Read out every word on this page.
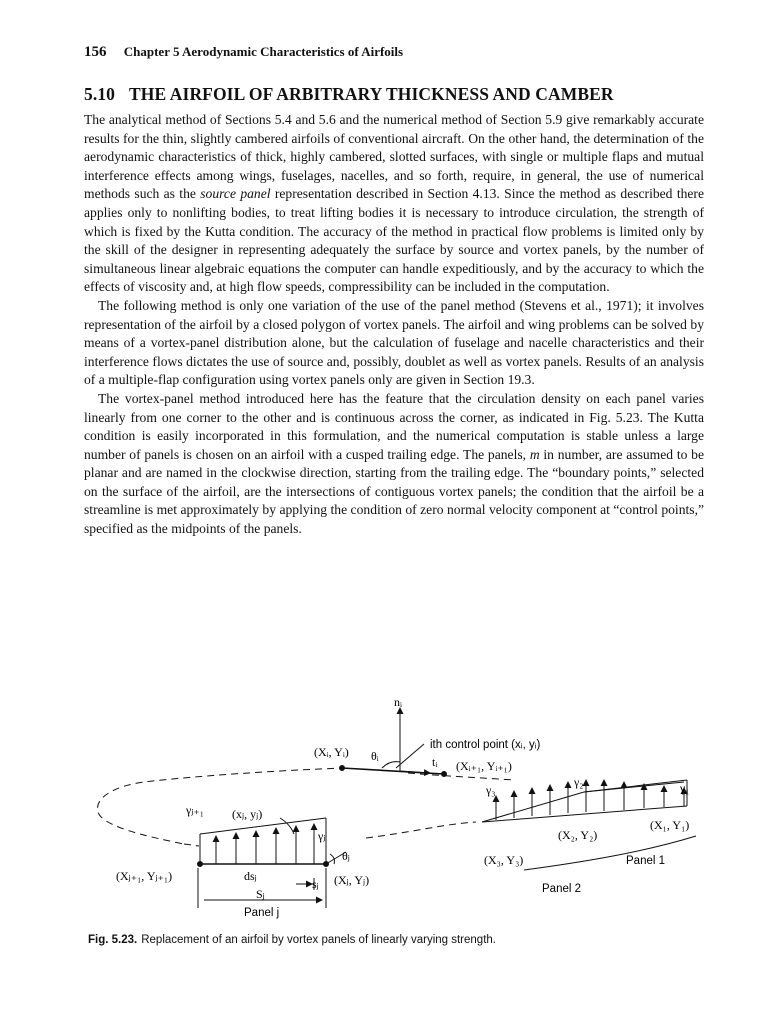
156 Chapter 5 Aerodynamic Characteristics of Airfoils
5.10 THE AIRFOIL OF ARBITRARY THICKNESS AND CAMBER

The analytical method of Sections 5.4 and 5.6 and the numerical method of Section 5.9 give remarkably accurate results for the thin, slightly cambered airfoils of conventional aircraft. On the other hand, the determination of the aerodynamic characteristics of thick, highly cambered, slotted surfaces, with single or multiple flaps and mutual interference effects among wings, fuselages, nacelles, and so forth, require, in general, the use of numerical methods such as the source panel representation described in Section 4.13. Since the method as described there applies only to nonlifting bodies, to treat lifting bodies it is necessary to introduce circulation, the strength of which is fixed by the Kutta condition. The accuracy of the method in practical flow problems is limited only by the skill of the designer in representing adequately the surface by source and vortex panels, by the number of simultaneous linear algebraic equations the computer can handle expeditiously, and by the accuracy to which the effects of viscosity and, at high flow speeds, compressibility can be included in the computation.

The following method is only one variation of the use of the panel method (Stevens et al., 1971); it involves representation of the airfoil by a closed polygon of vortex panels. The airfoil and wing problems can be solved by means of a vortex-panel distribution alone, but the calculation of fuselage and nacelle characteristics and their interference flows dictates the use of source and, possibly, doublet as well as vortex panels. Results of an analysis of a multiple-flap configuration using vortex panels only are given in Section 19.3.

The vortex-panel method introduced here has the feature that the circulation density on each panel varies linearly from one corner to the other and is continuous across the corner, as indicated in Fig. 5.23. The Kutta condition is easily incorporated in this formulation, and the numerical computation is stable unless a large number of panels is chosen on an airfoil with a cusped trailing edge. The panels, m in number, are assumed to be planar and are named in the clockwise direction, starting from the trailing edge. The “boundary points,” selected on the surface of the airfoil, are the intersections of contiguous vortex panels; the condition that the airfoil be a streamline is met approximately by applying the condition of zero normal velocity component at “control points,” specified as the midpoints of the panels.

nᵢ
(Xᵢ, Yᵢ) θᵢ	tᵢ (Xᵢ₊₁, Yᵢ₊₁)
ith control point (xᵢ, yᵢ)
γ₁
γ₂
γ₃
(X₁, Y₁)
(X₂, Y₂)
(X₃, Y₃)	Panel 1
Panel 2
γⱼ₊₁ (xⱼ, yⱼ)
γⱼ
θⱼ
(Xⱼ₊₁, Yⱼ₊₁)	dsⱼ
sⱼ (Xⱼ, Yⱼ)
Sⱼ
Panel j
Fig. 5.23. Replacement of an airfoil by vortex panels of linearly varying strength.
